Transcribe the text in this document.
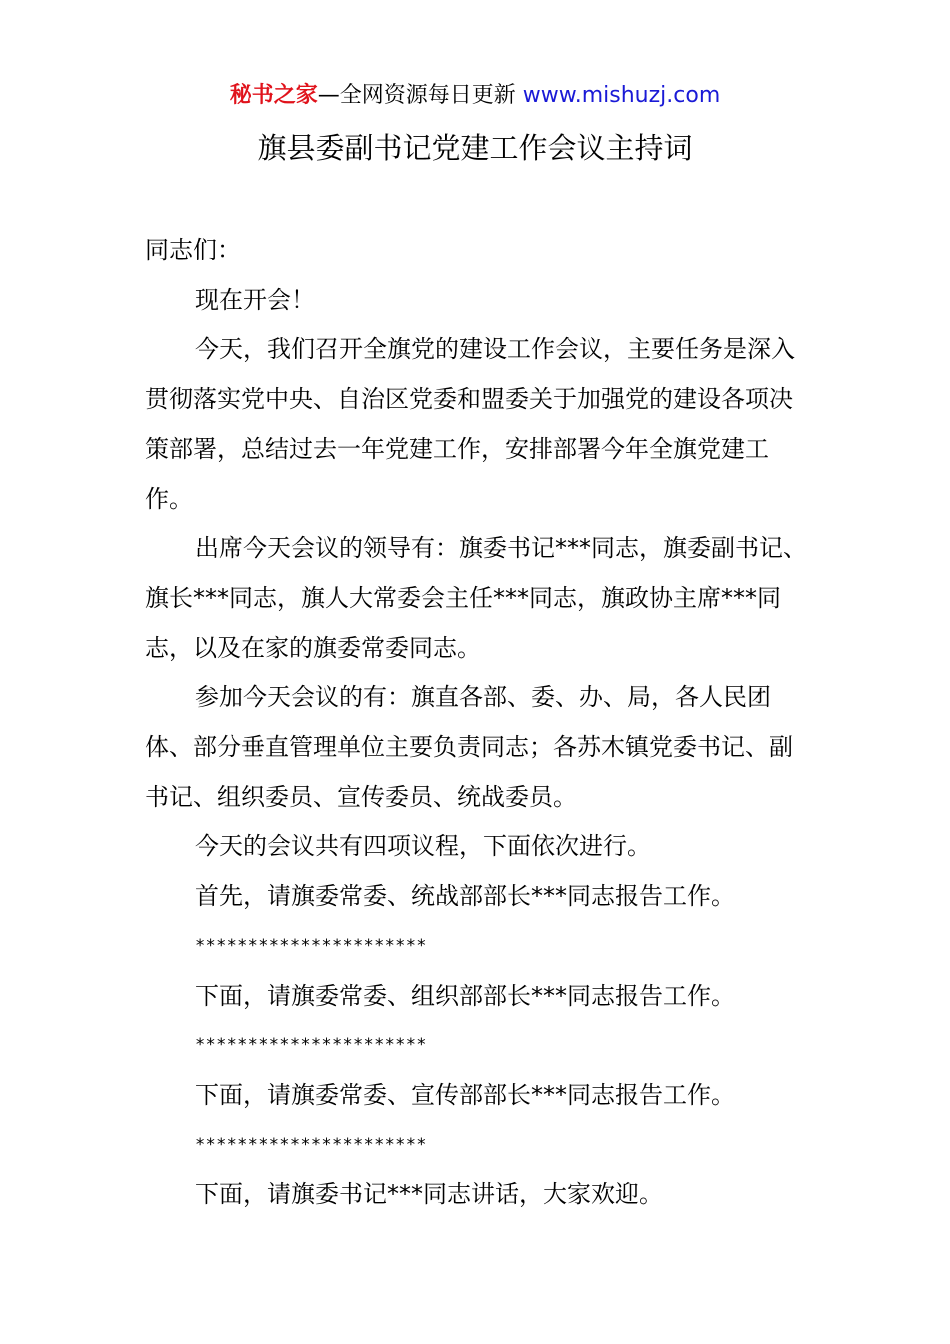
秘书之家—全网资源每日更新 www.mishuzj.com
旗县委副书记党建工作会议主持词

同志们：

现在开会！

今天，我们召开全旗党的建设工作会议，主要任务是深入贯彻落实党中央、自治区党委和盟委关于加强党的建设各项决策部署，总结过去一年党建工作，安排部署今年全旗党建工作。

出席今天会议的领导有：旗委书记***同志，旗委副书记、旗长***同志，旗人大常委会主任***同志，旗政协主席***同志，以及在家的旗委常委同志。

参加今天会议的有：旗直各部、委、办、局，各人民团体、部分垂直管理单位主要负责同志；各苏木镇党委书记、副书记、组织委员、宣传委员、统战委员。

今天的会议共有四项议程，下面依次进行。

首先，请旗委常委、统战部部长***同志报告工作。

**********************

下面，请旗委常委、组织部部长***同志报告工作。

**********************

下面，请旗委常委、宣传部部长***同志报告工作。

**********************

下面，请旗委书记***同志讲话，大家欢迎。
